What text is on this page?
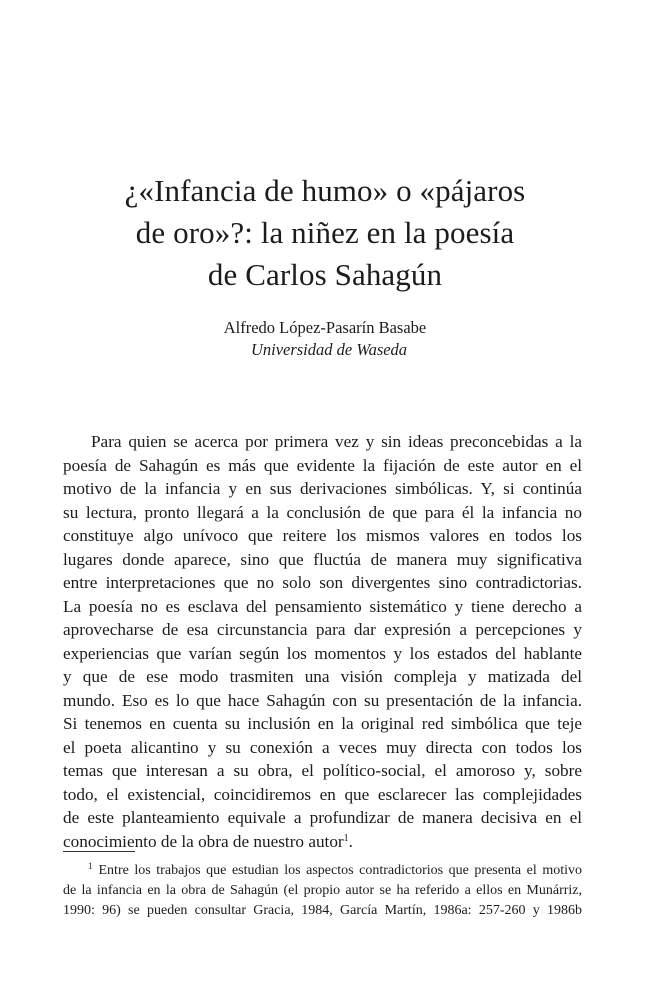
¿«Infancia de humo» o «pájaros
de oro»?: la niñez en la poesía
de Carlos Sahagún
Alfredo López-Pasarín Basabe
Universidad de Waseda
Para quien se acerca por primera vez y sin ideas preconcebidas a la
poesía de Sahagún es más que evidente la fijación de este autor en el
motivo de la infancia y en sus derivaciones simbólicas. Y, si continúa
su lectura, pronto llegará a la conclusión de que para él la infancia no
constituye algo unívoco que reitere los mismos valores en todos los
lugares donde aparece, sino que fluctúa de manera muy significativa
entre interpretaciones que no solo son divergentes sino contradictorias.
La poesía no es esclava del pensamiento sistemático y tiene derecho a
aprovecharse de esa circunstancia para dar expresión a percepciones y
experiencias que varían según los momentos y los estados del hablante
y que de ese modo trasmiten una visión compleja y matizada del
mundo. Eso es lo que hace Sahagún con su presentación de la infancia.
Si tenemos en cuenta su inclusión en la original red simbólica que teje
el poeta alicantino y su conexión a veces muy directa con todos los
temas que interesan a su obra, el político-social, el amoroso y, sobre
todo, el existencial, coincidiremos en que esclarecer las complejidades
de este planteamiento equivale a profundizar de manera decisiva en el
conocimiento de la obra de nuestro autor$^1$.
$^1$ Entre los trabajos que estudian los aspectos contradictorios que presenta el motivo
de la infancia en la obra de Sahagún (el propio autor se ha referido a ellos en Munárriz,
1990: 96) se pueden consultar Gracia, 1984, García Martín, 1986a: 257-260 y 1986b
